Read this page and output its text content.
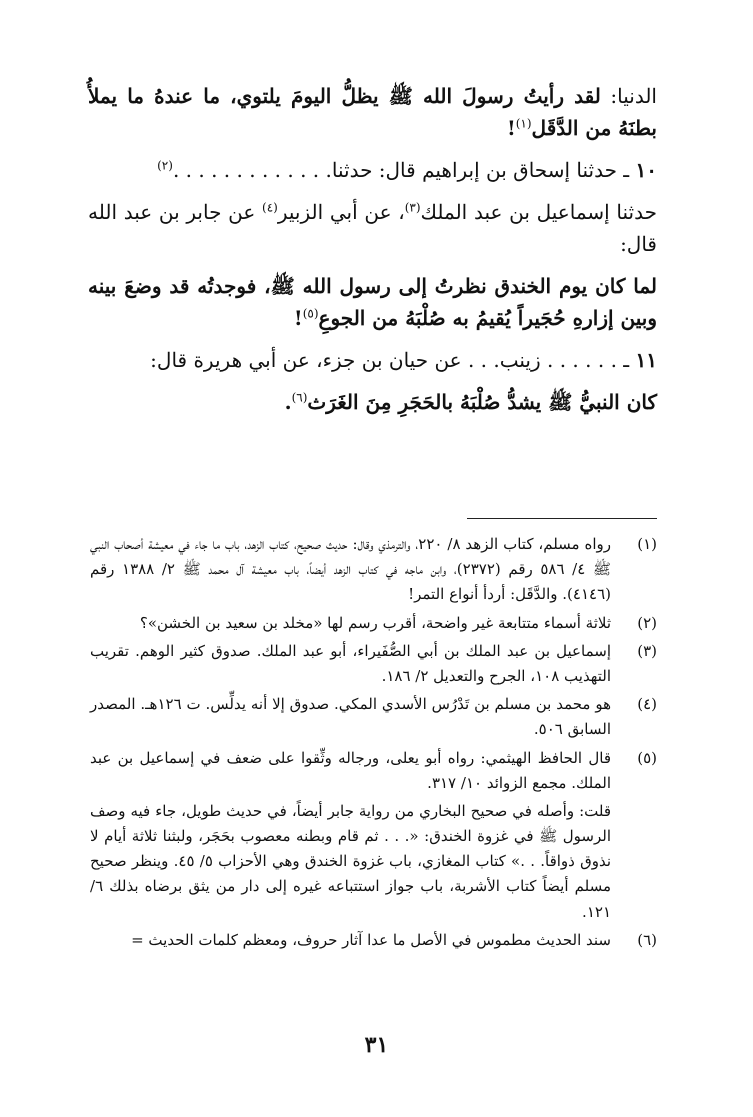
الدنيا: لقد رأيتُ رسولَ الله ﷺ يظلُّ اليومَ يلتوي، ما عندهُ ما يملأُ بطنَهُ من الدَّقَل$^{(١)}$!

١٠ ـ حدثنا إسحاق بن إبراهيم قال: حدثنا. . . . . . . . . . . . .$^{(٢)}$

حدثنا إسماعيل بن عبد الملك$^{(٣)}$، عن أبي الزبير$^{(٤)}$ عن جابر بن عبد الله قال:

لما كان يوم الخندق نظرتُ إلى رسول الله ﷺ، فوجدتُه قد وضعَ بينه وبين إزارهِ حُجَيراً يُقيمُ به صُلْبَهُ من الجوعِ$^{(٥)}$!

١١ ـ . . . . . . زينب. . . عن حيان بن جزء، عن أبي هريرة قال:

كان النبيُّ ﷺ يشدُّ صُلْبَهُ بالحَجَرِ مِنَ الغَرَث$^{(٦)}$.

(١)
رواه مسلم، كتاب الزهد ٨/ ٢٢٠، والترمذي وقال: حديث صحيح، كتاب الزهد، باب ما جاء في معيشة أصحاب النبي ﷺ ٤/ ٥٨٦ رقم (٢٣٧٢)، وابن ماجه في كتاب الزهد أيضاً، باب معيشة آل محمد ﷺ ٢/ ١٣٨٨ رقم (٤١٤٦). والدَّقَل: أردأ أنواع التمر!
(٢)
ثلاثة أسماء متتابعة غير واضحة، أقرب رسم لها «مخلد بن سعيد بن الخشن»؟
(٣)
إسماعيل بن عبد الملك بن أبي الصُّفَيراء، أبو عبد الملك. صدوق كثير الوهم. تقريب التهذيب ١٠٨، الجرح والتعديل ٢/ ١٨٦.
(٤)
هو محمد بن مسلم بن تَدْرُس الأسدي المكي. صدوق إلا أنه يدلِّس. ت ١٢٦هـ. المصدر السابق ٥٠٦.
(٥)
قال الحافظ الهيثمي: رواه أبو يعلى، ورجاله وثِّقوا على ضعف في إسماعيل بن عبد الملك. مجمع الزوائد ١٠/ ٣١٧.
قلت: وأصله في صحيح البخاري من رواية جابر أيضاً، في حديث طويل، جاء فيه وصف الرسول ﷺ في غزوة الخندق: «. . . ثم قام وبطنه معصوب بحَجَر، ولبثنا ثلاثة أيام لا نذوق ذواقاً. . .» كتاب المغازي، باب غزوة الخندق وهي الأحزاب ٥/ ٤٥. وينظر صحيح مسلم أيضاً كتاب الأشربة، باب جواز استتباعه غيره إلى دار من يثق برضاه بذلك ٦/ ١٢١.
(٦)
سند الحديث مطموس في الأصل ما عدا آثار حروف، ومعظم كلمات الحديث =
٣١
